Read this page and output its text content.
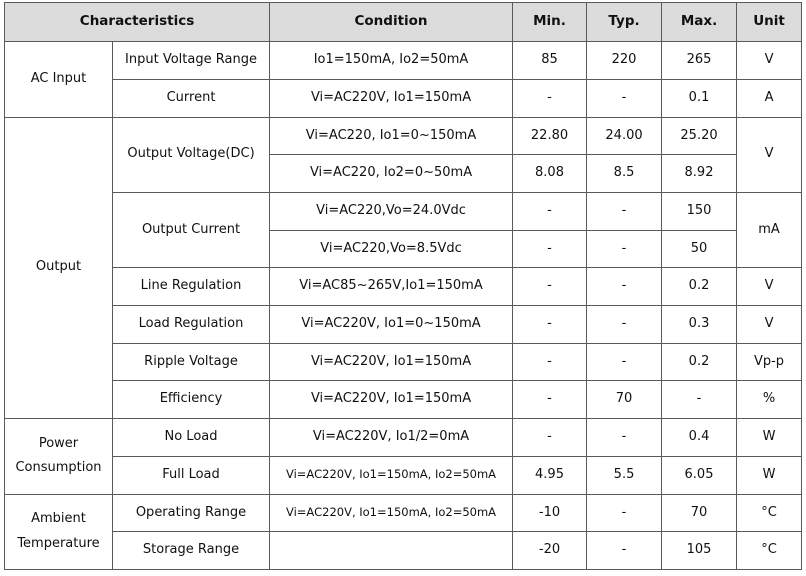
Characteristics		Condition	Min.	Typ.	Max.	Unit
AC Input	Input Voltage Range	Io1=150mA, Io2=50mA	85	220	265	V
	Current	Vi=AC220V, Io1=150mA	-	-	0.1	A
Output	Output Voltage(DC)	Vi=AC220, Io1=0~150mA	22.80	24.00	25.20	V
		Vi=AC220, Io2=0~50mA	8.08	8.5	8.92	
	Output Current	Vi=AC220,Vo=24.0Vdc	-	-	150	mA
		Vi=AC220,Vo=8.5Vdc	-	-	50	
	Line Regulation	Vi=AC85~265V,Io1=150mA	-	-	0.2	V
	Load Regulation	Vi=AC220V, Io1=0~150mA	-	-	0.3	V
	Ripple Voltage	Vi=AC220V, Io1=150mA	-	-	0.2	Vp-p
	Efficiency	Vi=AC220V, Io1=150mA	-	70	-	%
Power Consumption	No Load	Vi=AC220V, Io1/2=0mA	-	-	0.4	W
	Full Load	Vi=AC220V, Io1=150mA, Io2=50mA	4.95	5.5	6.05	W
Ambient Temperature	Operating Range	Vi=AC220V, Io1=150mA, Io2=50mA	-10	-	70	°C
	Storage Range		-20	-	105	°C
